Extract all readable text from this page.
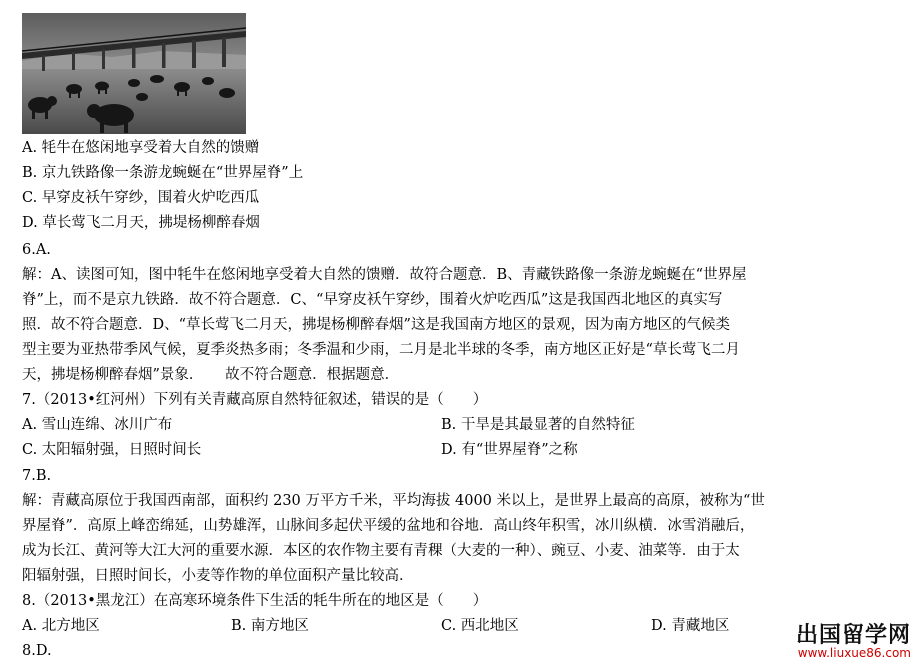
A. 牦牛在悠闲地享受着大自然的馈赠
B. 京九铁路像一条游龙蜿蜒在“世界屋脊”上
C. 早穿皮袄午穿纱，围着火炉吃西瓜
D. 草长莺飞二月天，拂堤杨柳醉春烟
6.A.
解：A、读图可知，图中牦牛在悠闲地享受着大自然的馈赠．故符合题意．B、青藏铁路像一条游龙蜿蜒在“世界屋
脊”上，而不是京九铁路．故不符合题意．C、“早穿皮袄午穿纱，围着火炉吃西瓜”这是我国西北地区的真实写
照．故不符合题意．D、“草长莺飞二月天，拂堤杨柳醉春烟”这是我国南方地区的景观，因为南方地区的气候类
型主要为亚热带季风气候，夏季炎热多雨；冬季温和少雨，二月是北半球的冬季，南方地区正好是“草长莺飞二月
天，拂堤杨柳醉春烟”景象．　　故不符合题意．根据题意．
7.（2013•红河州）下列有关青藏高原自然特征叙述，错误的是（　　）
A. 雪山连绵、冰川广布	B. 干旱是其最显著的自然特征
C. 太阳辐射强，日照时间长	D. 有“世界屋脊”之称
7.B.
解：青藏高原位于我国西南部，面积约 230 万平方千米，平均海拔 4000 米以上，是世界上最高的高原，被称为“世
界屋脊”．高原上峰峦绵延，山势雄浑，山脉间多起伏平缓的盆地和谷地．高山终年积雪，冰川纵横．冰雪消融后，
成为长江、黄河等大江大河的重要水源．本区的农作物主要有青稞（大麦的一种）、豌豆、小麦、油菜等．由于太
阳辐射强，日照时间长，小麦等作物的单位面积产量比较高．
8.（2013•黑龙江）在高寒环境条件下生活的牦牛所在的地区是（　　）
A. 北方地区	B. 南方地区	C. 西北地区	D. 青藏地区
8.D.
出国留学网
www.liuxue86.com
